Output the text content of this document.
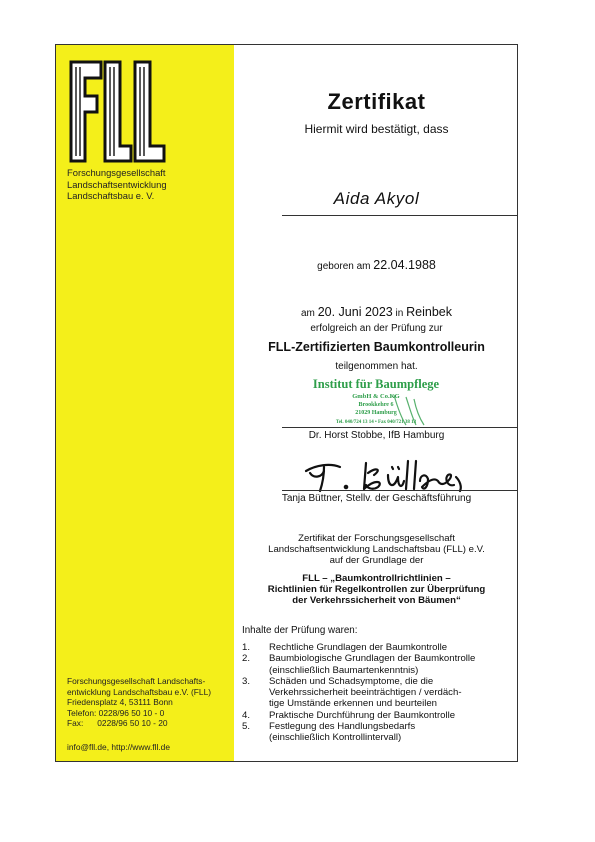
FLL
Forschungsgesellschaft
Landschaftsentwicklung
Landschaftsbau e. V.
Forschungsgesellschaft Landschafts-
entwicklung Landschaftsbau e.V. (FLL)
Friedensplatz 4, 53111 Bonn
Telefon: 0228/96 50 10 - 0
Fax:      0228/96 50 10 - 20
info@fll.de, http://www.fll.de
Zertifikat
Hiermit wird bestätigt, dass
Aida Akyol
geboren am 22.04.1988
am 20. Juni 2023 in Reinbek
erfolgreich an der Prüfung zur
FLL-Zertifizierten Baumkontrolleurin
teilgenommen hat.
Institut für Baumpflege
GmbH & Co.KG
Brookkehre 6
21029 Hamburg
Tel. 040/724 13 14 • Fax 040/721 38 13
Dr. Horst Stobbe, IfB Hamburg
Tanja Büttner, Stellv. der Geschäftsführung
Zertifikat der Forschungsgesellschaft
Landschaftsentwicklung Landschaftsbau (FLL) e.V.
auf der Grundlage der
FLL – „Baumkontrollrichtlinien –
Richtlinien für Regelkontrollen zur Überprüfung
der Verkehrssicherheit von Bäumen“
Inhalte der Prüfung waren:
1. Rechtliche Grundlagen der Baumkontrolle
2. Baumbiologische Grundlagen der Baumkontrolle
(einschließlich Baumartenkenntnis)
3. Schäden und Schadsymptome, die die
Verkehrssicherheit beeinträchtigen / verdäch-
tige Umstände erkennen und beurteilen
4. Praktische Durchführung der Baumkontrolle
5. Festlegung des Handlungsbedarfs
(einschließlich Kontrollintervall)
